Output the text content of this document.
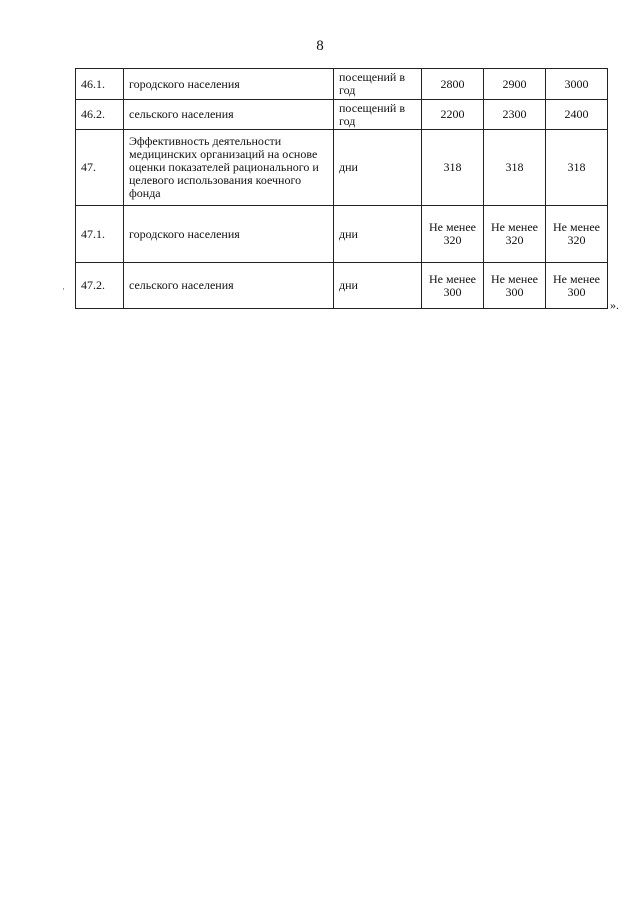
8
·
46.1.	городского населения	посещений в год	2800	2900	3000
46.2.	сельского населения	посещений в год	2200	2300	2400
47.	Эффективность деятельности медицинских организаций на основе оценки показателей рационального и целевого использования коечного фонда	дни	318	318	318
47.1.	городского населения	дни	Не менее 320	Не менее 320	Не менее 320
47.2.	сельского населения	дни	Не менее 300	Не менее 300	Не менее 300
».
